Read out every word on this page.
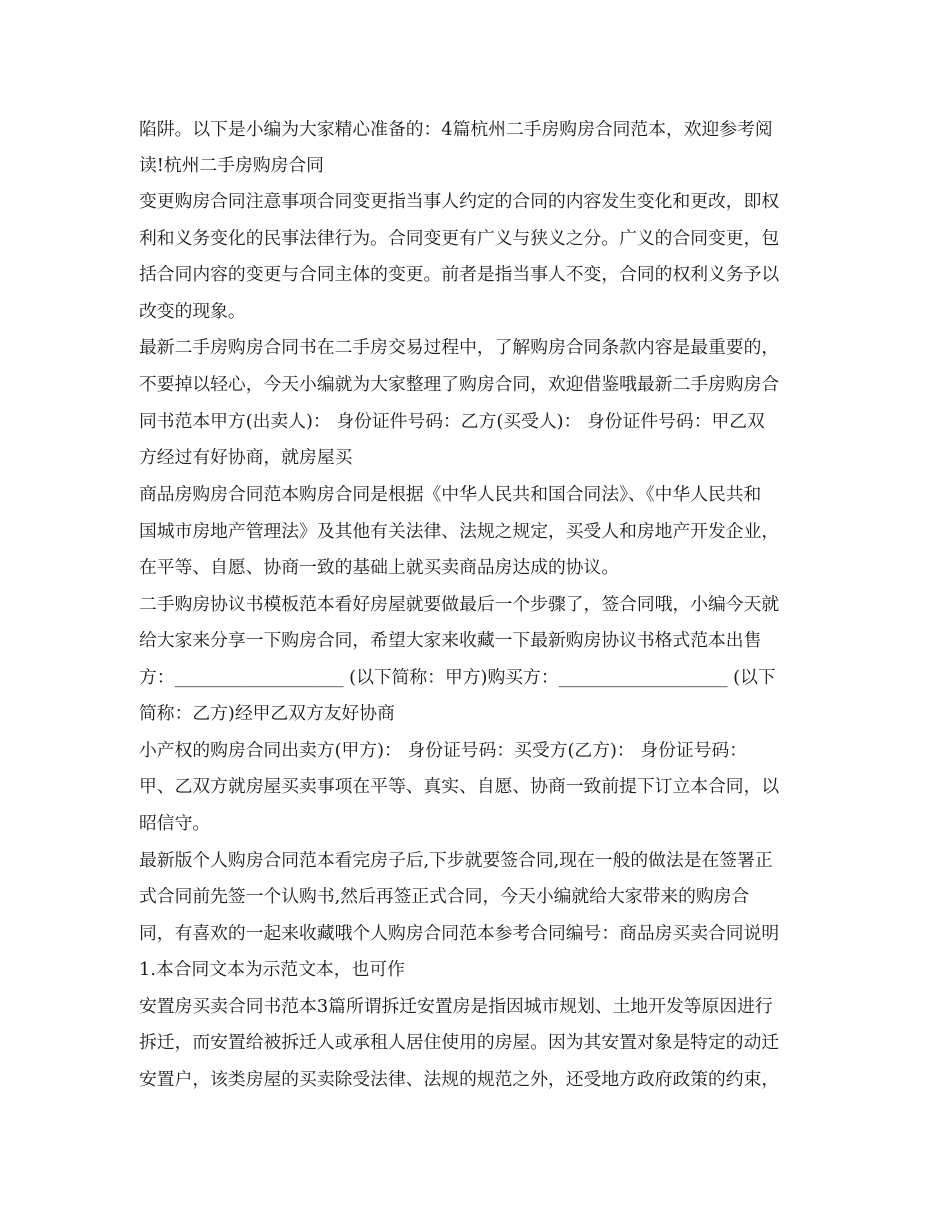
陷阱。以下是小编为大家精心准备的：4篇杭州二手房购房合同范本，欢迎参考阅
读!杭州二手房购房合同
变更购房合同注意事项合同变更指当事人约定的合同的内容发生变化和更改，即权
利和义务变化的民事法律行为。合同变更有广义与狭义之分。广义的合同变更，包
括合同内容的变更与合同主体的变更。前者是指当事人不变，合同的权利义务予以
改变的现象。
最新二手房购房合同书在二手房交易过程中，了解购房合同条款内容是最重要的，
不要掉以轻心，今天小编就为大家整理了购房合同，欢迎借鉴哦最新二手房购房合
同书范本甲方(出卖人)： 身份证件号码：乙方(买受人)： 身份证件号码：甲乙双
方经过有好协商，就房屋买
商品房购房合同范本购房合同是根据《中华人民共和国合同法》、《中华人民共和
国城市房地产管理法》及其他有关法律、法规之规定，买受人和房地产开发企业，
在平等、自愿、协商一致的基础上就买卖商品房达成的协议。
二手购房协议书模板范本看好房屋就要做最后一个步骤了，签合同哦，小编今天就
给大家来分享一下购房合同，希望大家来收藏一下最新购房协议书格式范本出售
方：___________________ (以下简称：甲方)购买方：___________________ (以下
简称：乙方)经甲乙双方友好协商
小产权的购房合同出卖方(甲方)： 身份证号码：买受方(乙方)： 身份证号码：
甲、乙双方就房屋买卖事项在平等、真实、自愿、协商一致前提下订立本合同，以
昭信守。
最新版个人购房合同范本看完房子后,下步就要签合同,现在一般的做法是在签署正
式合同前先签一个认购书,然后再签正式合同，今天小编就给大家带来的购房合
同，有喜欢的一起来收藏哦个人购房合同范本参考合同编号：商品房买卖合同说明
1.本合同文本为示范文本，也可作
安置房买卖合同书范本3篇所谓拆迁安置房是指因城市规划、土地开发等原因进行
拆迁，而安置给被拆迁人或承租人居住使用的房屋。因为其安置对象是特定的动迁
安置户，该类房屋的买卖除受法律、法规的规范之外，还受地方政府政策的约束，
